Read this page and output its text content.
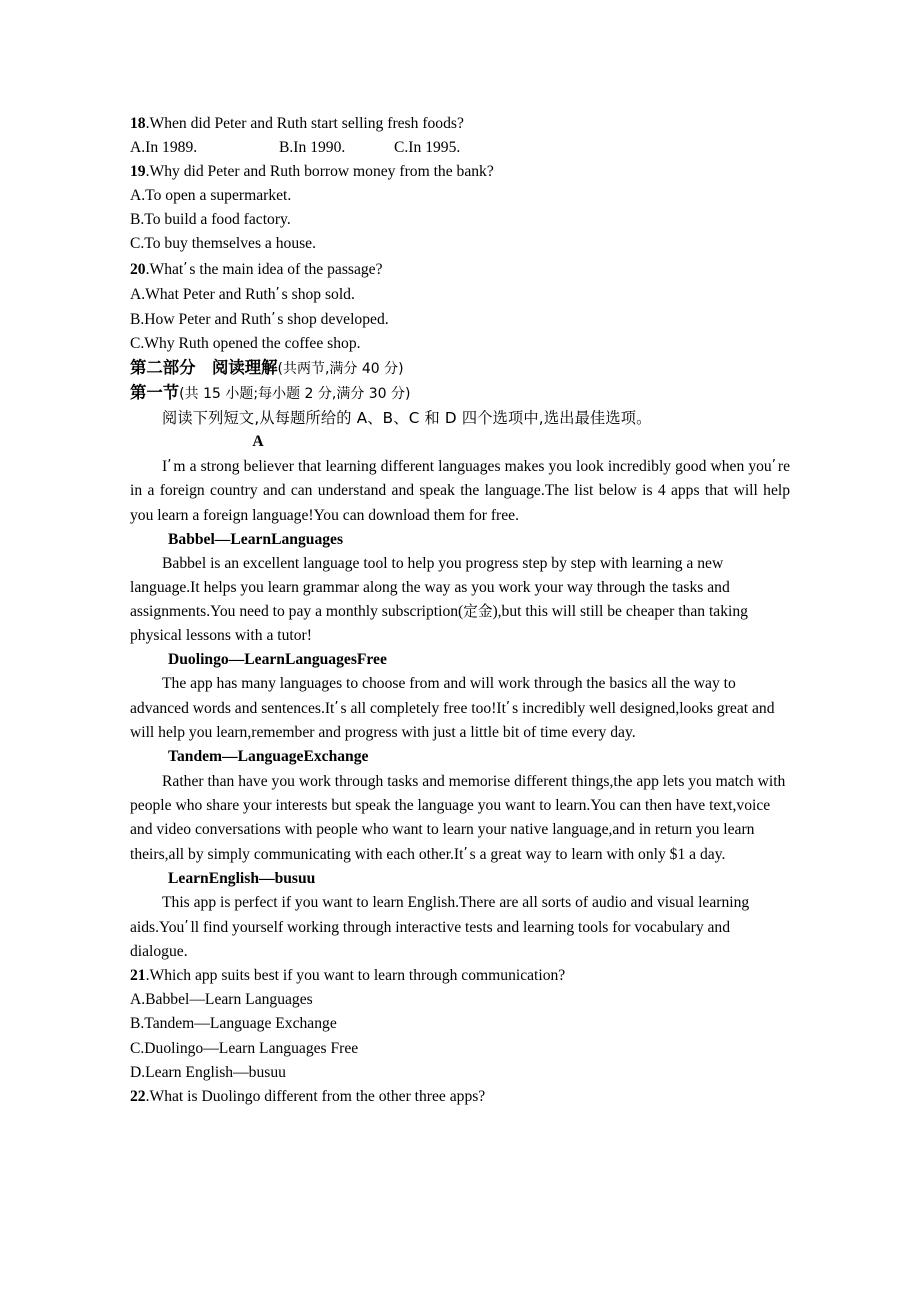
18.When did Peter and Ruth start selling fresh foods?
A.In 1989.	B.In 1990.	C.In 1995.
19.Why did Peter and Ruth borrow money from the bank?
A.To open a supermarket.
B.To build a food factory.
C.To buy themselves a house.
20.What’ s the main idea of the passage?
A.What Peter and Ruth’ s shop sold.
B.How Peter and Ruth’ s shop developed.
C.Why Ruth opened the coffee shop.
第二部分　 阅读理解(共两节,满分 40 分)
第一节(共 15 小题;每小题 2 分,满分 30 分)
阅读下列短文,从每题所给的 A、B、C 和 D 四个选项中,选出最佳选项。
A

I’ m a strong believer that learning different languages makes you look incredibly good when you’ re in a foreign country and can understand and speak the language.The list below is 4 apps that will help you learn a foreign language!You can download them for free.

Babbel—LearnLanguages

Babbel is an excellent language tool to help you progress step by step with learning a new language.It helps you learn grammar along the way as you work your way through the tasks and assignments.You need to pay a monthly subscription(定金),but this will still be cheaper than taking physical lessons with a tutor!

Duolingo—LearnLanguagesFree

The app has many languages to choose from and will work through the basics all the way to advanced words and sentences.It’ s all completely free too!It’ s incredibly well designed,looks great and will help you learn,remember and progress with just a little bit of time every day.

Tandem—LanguageExchange

Rather than have you work through tasks and memorise different things,the app lets you match with people who share your interests but speak the language you want to learn.You can then have text,voice and video conversations with people who want to learn your native language,and in return you learn theirs,all by simply communicating with each other.It’ s a great way to learn with only $1 a day.

LearnEnglish—busuu

This app is perfect if you want to learn English.There are all sorts of audio and visual learning aids.You’ ll find yourself working through interactive tests and learning tools for vocabulary and dialogue.

21.Which app suits best if you want to learn through communication?
A.Babbel—Learn Languages
B.Tandem—Language Exchange
C.Duolingo—Learn Languages Free
D.Learn English—busuu
22.What is Duolingo different from the other three apps?
